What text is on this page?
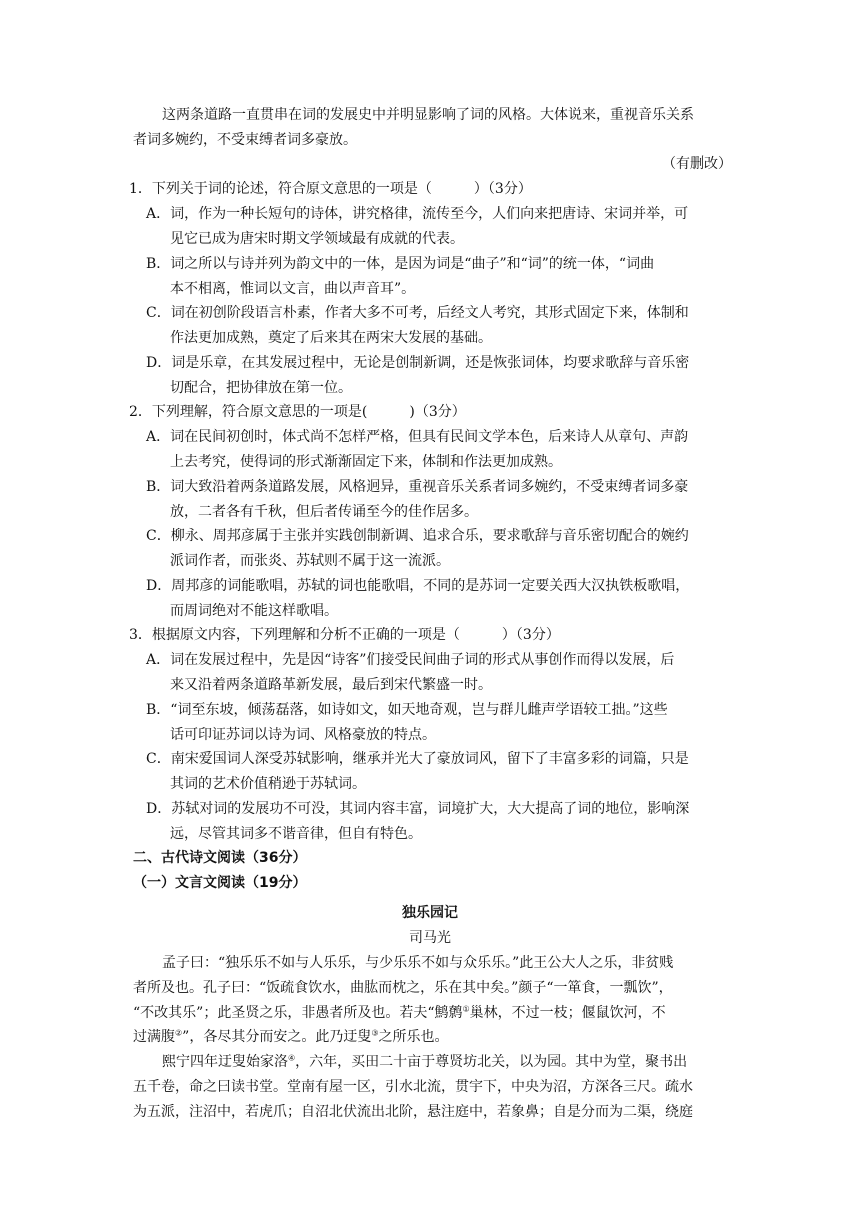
这两条道路一直贯串在词的发展史中并明显影响了词的风格。大体说来，重视音乐关系
者词多婉约，不受束缚者词多豪放。
（有删改）
1．下列关于词的论述，符合原文意思的一项是（　　　）（3分）
A．词，作为一种长短句的诗体，讲究格律，流传至今，人们向来把唐诗、宋词并举，可
见它已成为唐宋时期文学领域最有成就的代表。
B．词之所以与诗并列为韵文中的一体，是因为词是“曲子”和“词”的统一体，“词曲
本不相离，惟词以文言，曲以声音耳”。
C．词在初创阶段语言朴素，作者大多不可考，后经文人考究，其形式固定下来，体制和
作法更加成熟，奠定了后来其在两宋大发展的基础。
D．词是乐章，在其发展过程中，无论是创制新调，还是恢张词体，均要求歌辞与音乐密
切配合，把协律放在第一位。
2．下列理解，符合原文意思的一项是(　　　)（3分）
A．词在民间初创时，体式尚不怎样严格，但具有民间文学本色，后来诗人从章句、声韵
上去考究，使得词的形式渐渐固定下来，体制和作法更加成熟。
B．词大致沿着两条道路发展，风格迥异，重视音乐关系者词多婉约，不受束缚者词多豪
放，二者各有千秋，但后者传诵至今的佳作居多。
C．柳永、周邦彦属于主张并实践创制新调、追求合乐，要求歌辞与音乐密切配合的婉约
派词作者，而张炎、苏轼则不属于这一流派。
D．周邦彦的词能歌唱，苏轼的词也能歌唱，不同的是苏词一定要关西大汉执铁板歌唱，
而周词绝对不能这样歌唱。
3．根据原文内容，下列理解和分析不正确的一项是（　　　）（3分）
A．词在发展过程中，先是因“诗客”们接受民间曲子词的形式从事创作而得以发展，后
来又沿着两条道路革新发展，最后到宋代繁盛一时。
B．“词至东坡，倾荡磊落，如诗如文，如天地奇观，岂与群儿雌声学语较工拙。”这些
话可印证苏词以诗为词、风格豪放的特点。
C．南宋爱国词人深受苏轼影响，继承并光大了豪放词风，留下了丰富多彩的词篇，只是
其词的艺术价值稍逊于苏轼词。
D．苏轼对词的发展功不可没，其词内容丰富，词境扩大，大大提高了词的地位，影响深
远，尽管其词多不谐音律，但自有特色。
二、古代诗文阅读（36分）
（一）文言文阅读（19分）
独乐园记
司马光
孟子曰：“独乐乐不如与人乐乐，与少乐乐不如与众乐乐。”此王公大人之乐，非贫贱
者所及也。孔子曰：“饭疏食饮水，曲肱而枕之，乐在其中矣。”颜子“一箪食，一瓢饮”，
“不改其乐”；此圣贤之乐，非愚者所及也。若夫“鹪鹩①巢林，不过一枝；偃鼠饮河，不
过满腹②”，各尽其分而安之。此乃迂叟③之所乐也。
熙宁四年迂叟始家洛④，六年，买田二十亩于尊贤坊北关，以为园。其中为堂，聚书出
五千卷，命之曰读书堂。堂南有屋一区，引水北流，贯宇下，中央为沼，方深各三尺。疏水
为五派，注沼中，若虎爪；自沼北伏流出北阶，悬注庭中，若象鼻；自是分而为二渠，绕庭
